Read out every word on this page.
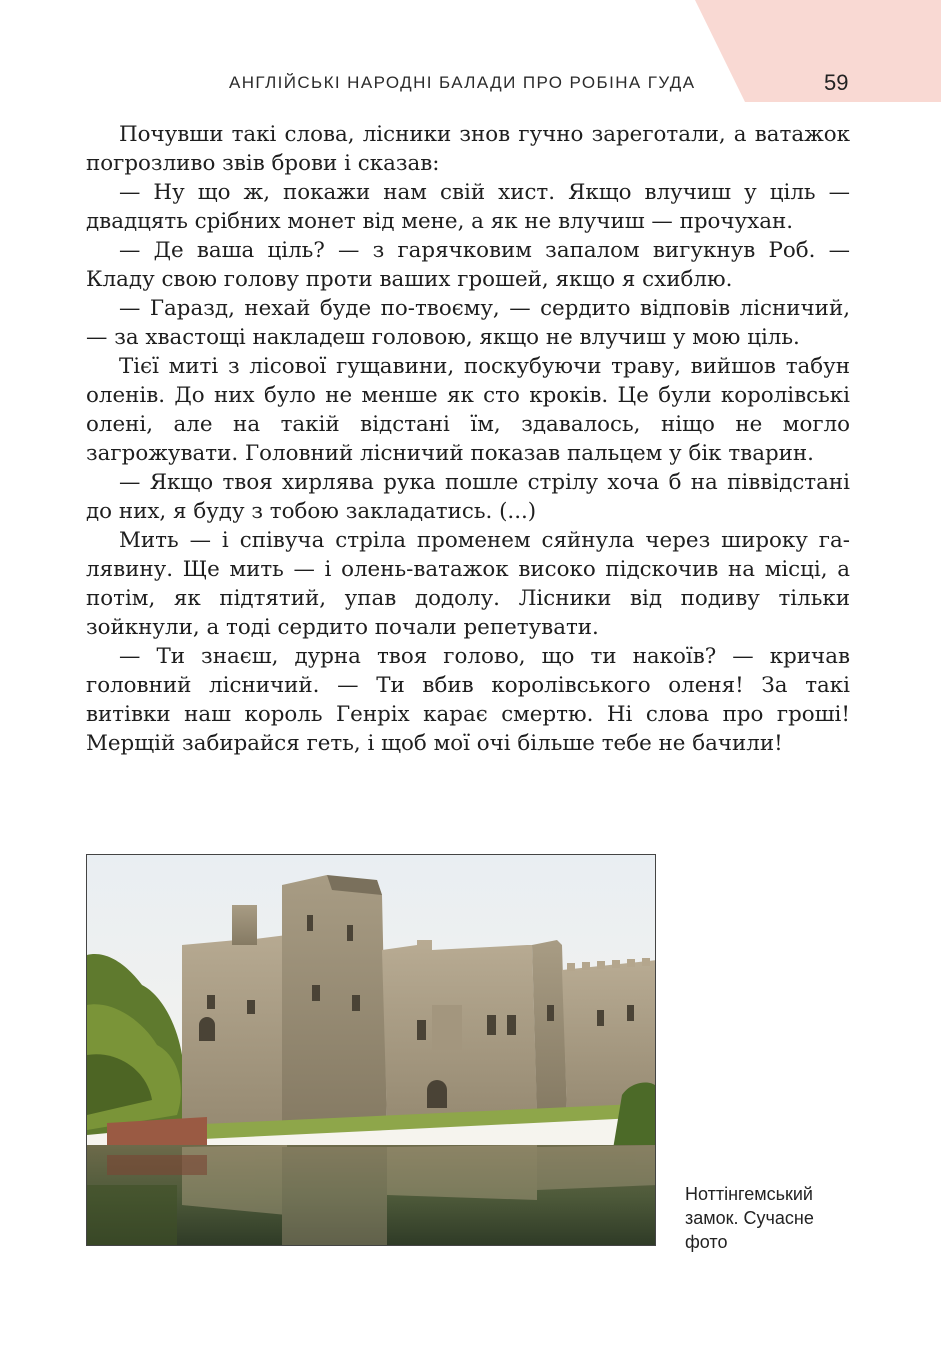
АНГЛІЙСЬКІ НАРОДНІ БАЛАДИ ПРО РОБІНА ГУДА	59

Почувши такі слова, лісники знов гучно зареготали, а ватажок погрозливо звів брови і сказав:

— Ну що ж, покажи нам свій хист. Якщо влучиш у ціль — двадцять срібних монет від мене, а як не влучиш — прочухан.

— Де ваша ціль? — з гарячковим запалом вигукнув Роб. — Кладу свою голову проти ваших грошей, якщо я схиблю.

— Гаразд, нехай буде по-твоєму, — сердито відповів лісничий, — за хвастощі накладеш головою, якщо не влучиш у мою ціль.

Тієї миті з лісової гущавини, поскубуючи траву, вийшов табун оленів. До них було не менше як сто кроків. Це були королівські олені, але на такій відстані їм, здавалось, ніщо не могло загрожувати. Головний лісничий показав пальцем у бік тварин.

— Якщо твоя хирлява рука пошле стрілу хоча б на піввідстані до них, я буду з тобою закладатись. (...)

Мить — і співуча стріла променем сяйнула через широку галявину. Ще мить — і олень-ватажок високо підскочив на місці, а потім, як підтятий, упав додолу. Лісники від подиву тільки зойкнули, а тоді сердито почали репетувати.

— Ти знаєш, дурна твоя голово, що ти накоїв? — кричав головний лісничий. — Ти вбив королівського оленя! За такі витівки наш король Генріх карає смертю. Ні слова про гроші! Мерщій забирайся геть, і щоб мої очі більше тебе не бачили!

Ноттінгемський
замок. Сучасне
фото
